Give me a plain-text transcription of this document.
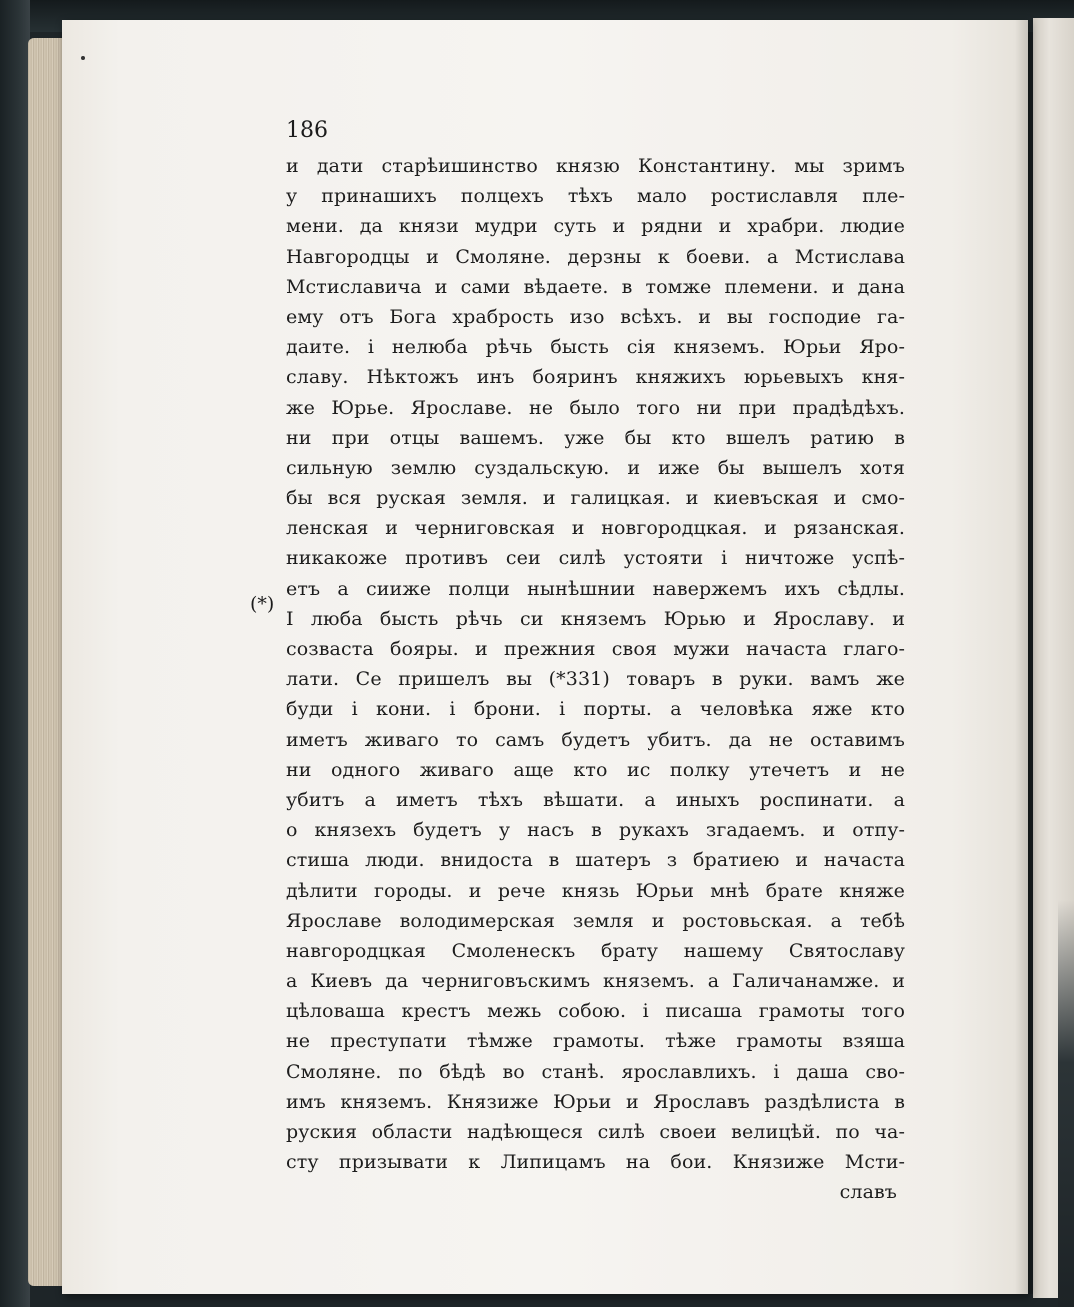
186

(*)

и дати старѣишинство князю Константину. мы зримъ
у принашихъ полцехъ тѣхъ мало ростиславля пле-
мени. да князи мудри суть и рядни и храбри. людие
Навгородцы и Смоляне. дерзны к боеви. а Мстислава
Мстиславича и сами вѣдаете. в томже племени. и дана
ему отъ Бога храбрость изо всѣхъ. и вы господие га-
даите. і нелюба рѣчь бысть сія княземъ. Юрьи Яро-
славу. Нѣктожъ инъ бояринъ княжихъ юрьевыхъ кня-
же Юрье. Ярославе. не было того ни при прадѣдѣхъ.
ни при отцы вашемъ. уже бы кто вшелъ ратию в
сильную землю суздальскую. и иже бы вышелъ хотя
бы вся руская земля. и галицкая. и киевъская и смо-
ленская и черниговская и новгородцкая. и рязанская.
никакоже противъ сеи силѣ устояти і ничтоже успѣ-
етъ а сииже полци нынѣшнии навержемъ ихъ сѣдлы.
І люба бысть рѣчь си княземъ Юрью и Ярославу. и
созваста бояры. и прежния своя мужи начаста глаго-
лати. Се пришелъ вы (*331) товаръ в руки. вамъ же
буди і кони. і брони. і порты. а человѣка яже кто
иметъ живаго то самъ будетъ убитъ. да не оставимъ
ни одного живаго аще кто ис полку утечетъ и не
убитъ а иметъ тѣхъ вѣшати. а иныхъ роспинати. а
о князехъ будетъ у насъ в рукахъ згадаемъ. и отпу-
стиша люди. внидоста в шатеръ з братиею и начаста
дѣлити городы. и рече князь Юрьи мнѣ брате княже
Ярославе володимерская земля и ростовьская. а тебѣ
навгородцкая Смоленескъ брату нашему Святославу
а Киевъ да черниговъскимъ княземъ. а Галичанамже. и
цѣловаша крестъ межь собою. і писаша грамоты того
не преступати тѣмже грамоты. тѣже грамоты взяша
Смоляне. по бѣдѣ во станѣ. ярославлихъ. і даша сво-
имъ княземъ. Князиже Юрьи и Ярославъ раздѣлиста в
руския области надѣющеся силѣ своеи велицѣй. по ча-
сту призывати к Липицамъ на бои. Князиже Мсти-
славъ
